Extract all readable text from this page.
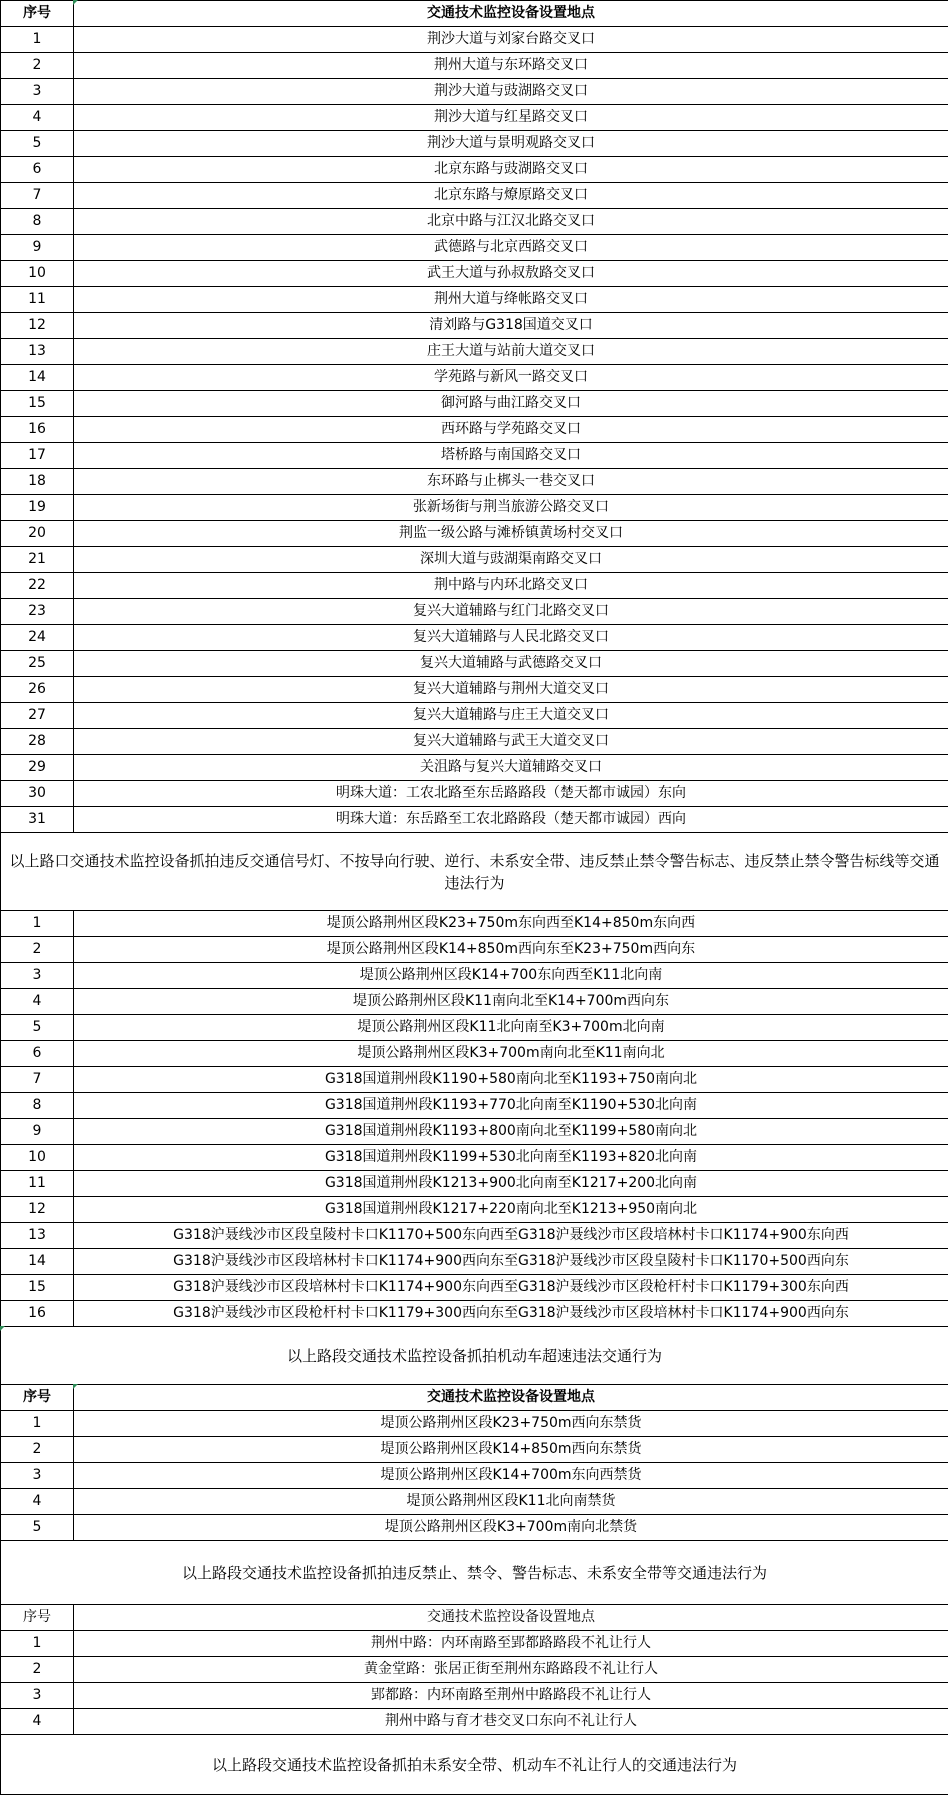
序号	交通技术监控设备设置地点
1	荆沙大道与刘家台路交叉口
2	荆州大道与东环路交叉口
3	荆沙大道与豉湖路交叉口
4	荆沙大道与红星路交叉口
5	荆沙大道与景明观路交叉口
6	北京东路与豉湖路交叉口
7	北京东路与燎原路交叉口
8	北京中路与江汉北路交叉口
9	武德路与北京西路交叉口
10	武王大道与孙叔敖路交叉口
11	荆州大道与绛帐路交叉口
12	清刘路与G318国道交叉口
13	庄王大道与站前大道交叉口
14	学苑路与新风一路交叉口
15	御河路与曲江路交叉口
16	西环路与学苑路交叉口
17	塔桥路与南国路交叉口
18	东环路与止梆头一巷交叉口
19	张新场街与荆当旅游公路交叉口
20	荆监一级公路与滩桥镇黄场村交叉口
21	深圳大道与豉湖渠南路交叉口
22	荆中路与内环北路交叉口
23	复兴大道辅路与红门北路交叉口
24	复兴大道辅路与人民北路交叉口
25	复兴大道辅路与武德路交叉口
26	复兴大道辅路与荆州大道交叉口
27	复兴大道辅路与庄王大道交叉口
28	复兴大道辅路与武王大道交叉口
29	关沮路与复兴大道辅路交叉口
30	明珠大道：工农北路至东岳路路段（楚天都市诚园）东向
31	明珠大道：东岳路至工农北路路段（楚天都市诚园）西向
以上路口交通技术监控设备抓拍违反交通信号灯、不按导向行驶、逆行、未系安全带、违反禁止禁令警告标志、违反禁止禁令警告标线等交通违法行为	
1	堤顶公路荆州区段K23+750m东向西至K14+850m东向西
2	堤顶公路荆州区段K14+850m西向东至K23+750m西向东
3	堤顶公路荆州区段K14+700东向西至K11北向南
4	堤顶公路荆州区段K11南向北至K14+700m西向东
5	堤顶公路荆州区段K11北向南至K3+700m北向南
6	堤顶公路荆州区段K3+700m南向北至K11南向北
7	G318国道荆州段K1190+580南向北至K1193+750南向北
8	G318国道荆州段K1193+770北向南至K1190+530北向南
9	G318国道荆州段K1193+800南向北至K1199+580南向北
10	G318国道荆州段K1199+530北向南至K1193+820北向南
11	G318国道荆州段K1213+900北向南至K1217+200北向南
12	G318国道荆州段K1217+220南向北至K1213+950南向北
13	G318沪聂线沙市区段皇陵村卡口K1170+500东向西至G318沪聂线沙市区段培林村卡口K1174+900东向西
14	G318沪聂线沙市区段培林村卡口K1174+900西向东至G318沪聂线沙市区段皇陵村卡口K1170+500西向东
15	G318沪聂线沙市区段培林村卡口K1174+900东向西至G318沪聂线沙市区段枪杆村卡口K1179+300东向西
16	G318沪聂线沙市区段枪杆村卡口K1179+300西向东至G318沪聂线沙市区段培林村卡口K1174+900西向东
以上路段交通技术监控设备抓拍机动车超速违法交通行为	
序号	交通技术监控设备设置地点
1	堤顶公路荆州区段K23+750m西向东禁货
2	堤顶公路荆州区段K14+850m西向东禁货
3	堤顶公路荆州区段K14+700m东向西禁货
4	堤顶公路荆州区段K11北向南禁货
5	堤顶公路荆州区段K3+700m南向北禁货
以上路段交通技术监控设备抓拍违反禁止、禁令、警告标志、未系安全带等交通违法行为	
序号	交通技术监控设备设置地点
1	荆州中路：内环南路至郢都路路段不礼让行人
2	黄金堂路：张居正街至荆州东路路段不礼让行人
3	郢都路：内环南路至荆州中路路段不礼让行人
4	荆州中路与育才巷交叉口东向不礼让行人
以上路段交通技术监控设备抓拍未系安全带、机动车不礼让行人的交通违法行为	
